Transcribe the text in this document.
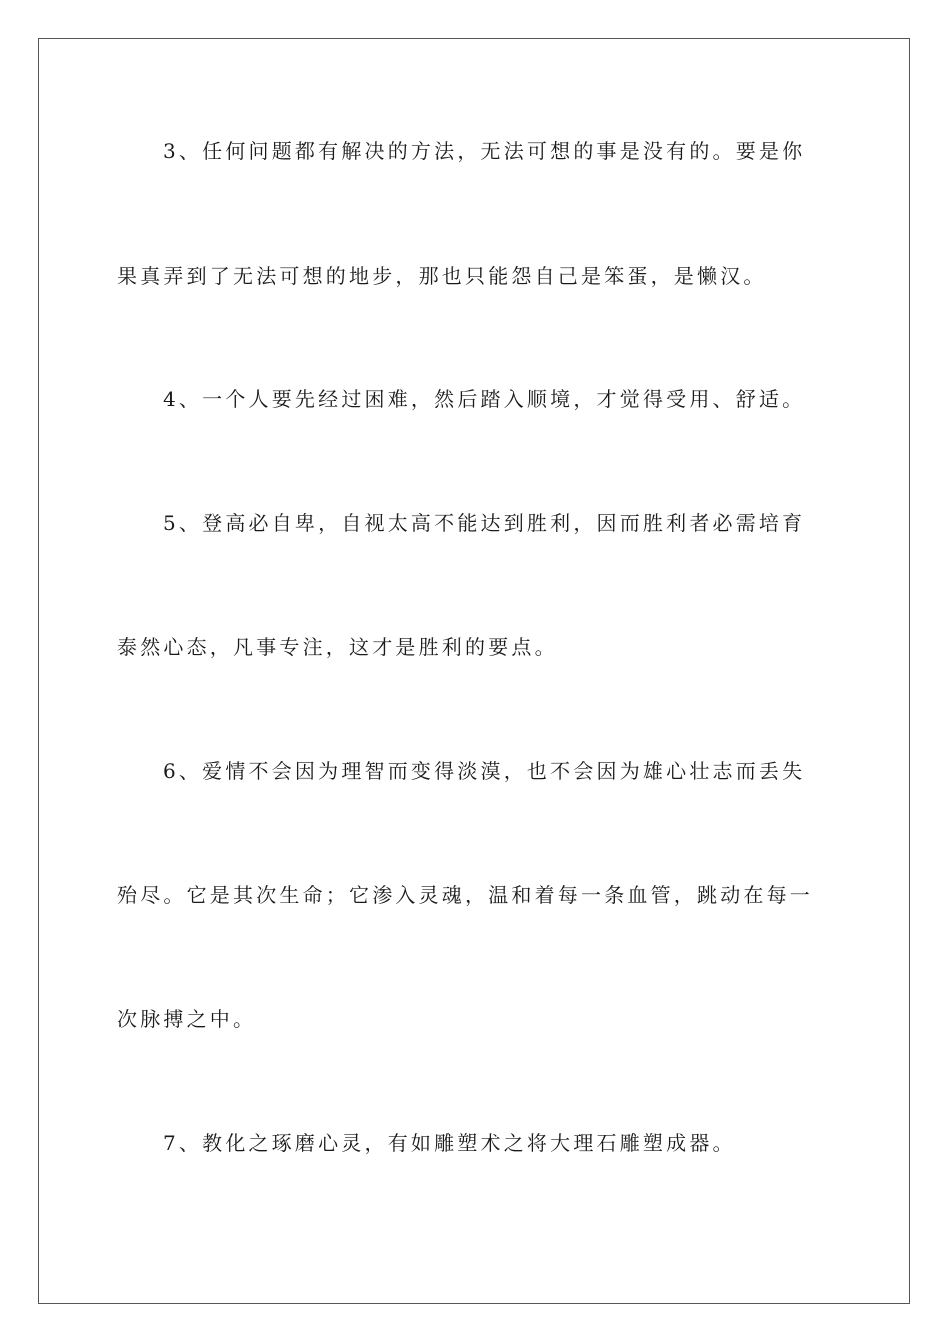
3、任何问题都有解决的方法，无法可想的事是没有的。要是你
果真弄到了无法可想的地步，那也只能怨自己是笨蛋，是懒汉。
4、一个人要先经过困难，然后踏入顺境，才觉得受用、舒适。
5、登高必自卑，自视太高不能达到胜利，因而胜利者必需培育
泰然心态，凡事专注，这才是胜利的要点。
6、爱情不会因为理智而变得淡漠，也不会因为雄心壮志而丢失
殆尽。它是其次生命；它渗入灵魂，温和着每一条血管，跳动在每一
次脉搏之中。
7、教化之琢磨心灵，有如雕塑术之将大理石雕塑成器。
